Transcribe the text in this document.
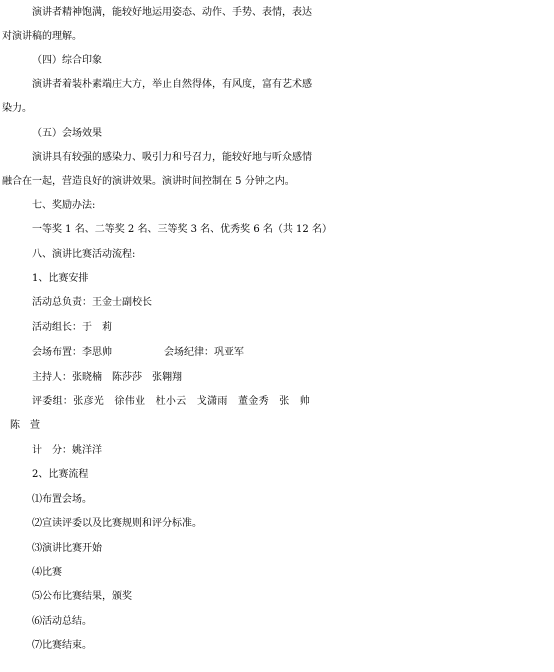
演讲者精神饱满，能较好地运用姿态、动作、手势、表情，表达
对演讲稿的理解。
（四）综合印象
演讲者着装朴素端庄大方，举止自然得体，有风度，富有艺术感
染力。
（五）会场效果
演讲具有较强的感染力、吸引力和号召力，能较好地与听众感情
融合在一起，营造良好的演讲效果。演讲时间控制在 5 分钟之内。
七、奖励办法:
一等奖 1 名、二等奖 2 名、三等奖 3 名、优秀奖 6 名（共 12 名）
八、演讲比赛活动流程:
1、比赛安排
活动总负责：王金士副校长
活动组长：于　莉
会场布置：李思帅	会场纪律：巩亚军
主持人：张晓楠　陈莎莎　张翱翔
评委组：张彦光　徐伟业　杜小云　戈潇雨　董金秀　张　帅
陈　萱
计　分：姚洋洋
2、比赛流程
⑴布置会场。
⑵宣读评委以及比赛规则和评分标准。
⑶演讲比赛开始
⑷比赛
⑸公布比赛结果，颁奖
⑹活动总结。
⑺比赛结束。
